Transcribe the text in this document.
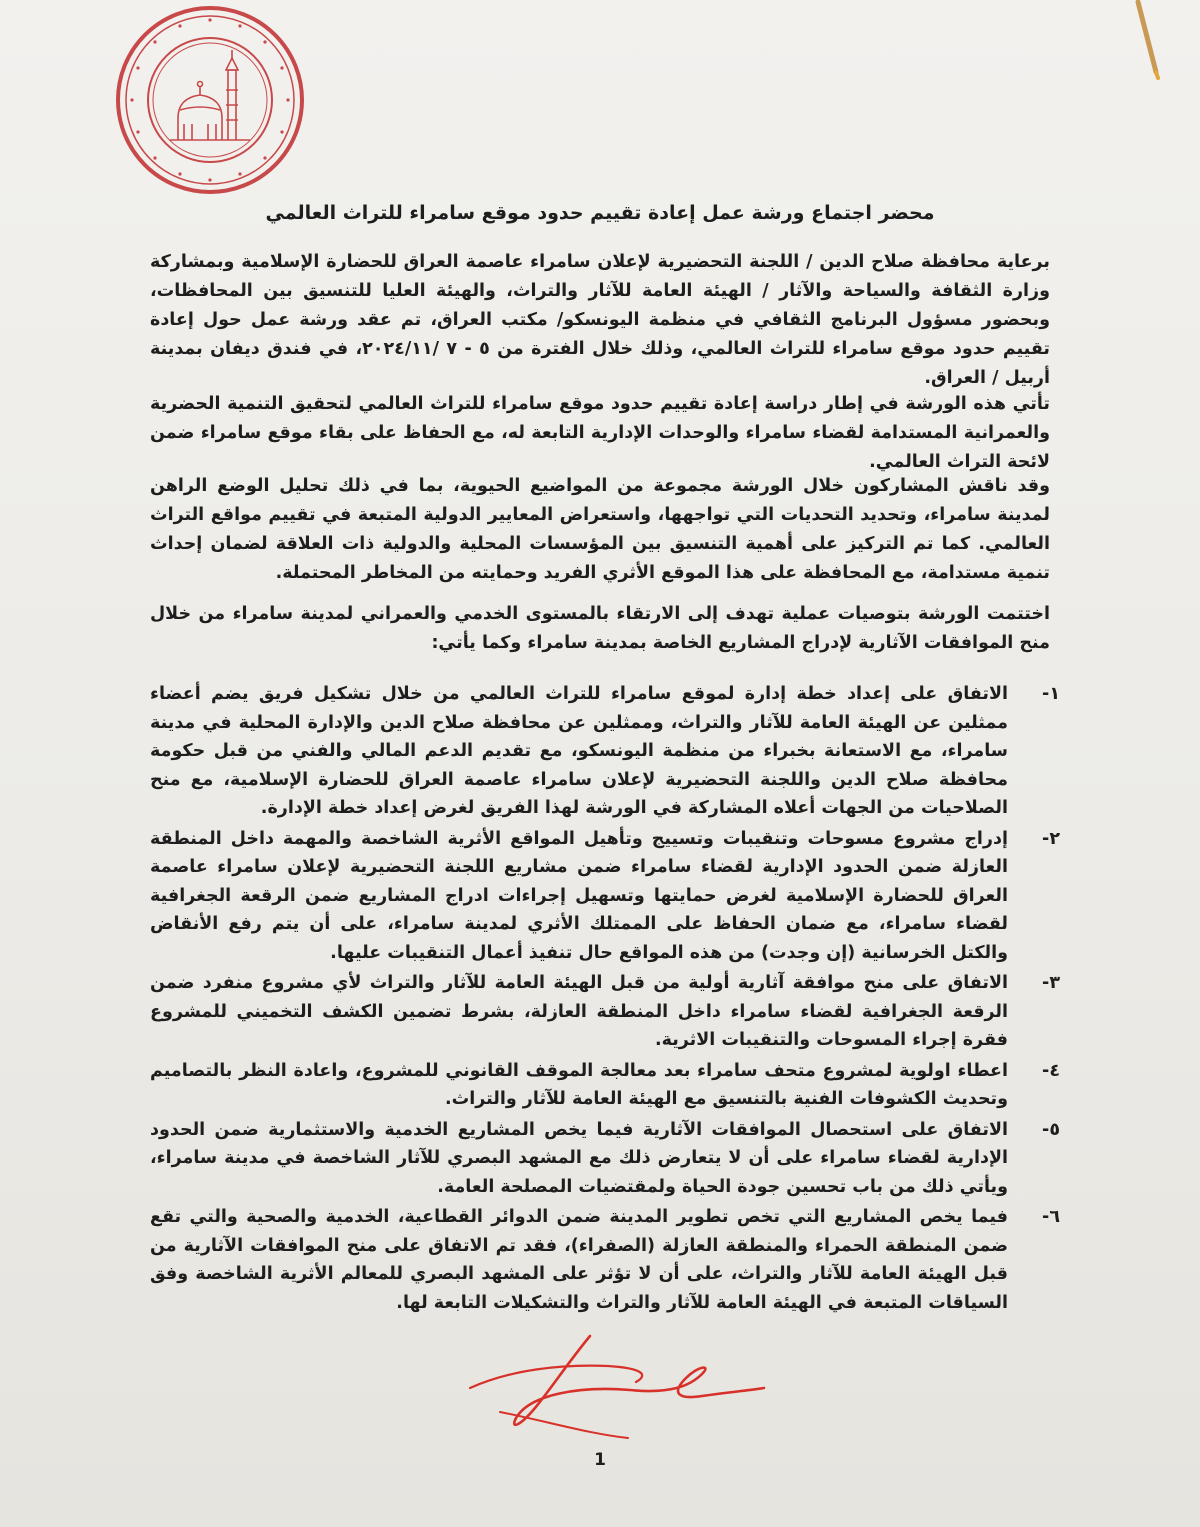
محضر اجتماع ورشة عمل إعادة تقييم حدود موقع سامراء للتراث العالمي
برعاية محافظة صلاح الدين / اللجنة التحضيرية لإعلان سامراء عاصمة العراق للحضارة الإسلامية وبمشاركة وزارة الثقافة والسياحة والآثار / الهيئة العامة للآثار والتراث، والهيئة العليا للتنسيق بين المحافظات، وبحضور مسؤول البرنامج الثقافي في منظمة اليونسكو/ مكتب العراق، تم عقد ورشة عمل حول إعادة تقييم حدود موقع سامراء للتراث العالمي، وذلك خلال الفترة من ٥ - ٧ /٢٠٢٤/١١، في فندق ديفان بمدينة أربيل / العراق.
تأتي هذه الورشة في إطار دراسة إعادة تقييم حدود موقع سامراء للتراث العالمي لتحقيق التنمية الحضرية والعمرانية المستدامة لقضاء سامراء والوحدات الإدارية التابعة له، مع الحفاظ على بقاء موقع سامراء ضمن لائحة التراث العالمي.
وقد ناقش المشاركون خلال الورشة مجموعة من المواضيع الحيوية، بما في ذلك تحليل الوضع الراهن لمدينة سامراء، وتحديد التحديات التي تواجهها، واستعراض المعايير الدولية المتبعة في تقييم مواقع التراث العالمي. كما تم التركيز على أهمية التنسيق بين المؤسسات المحلية والدولية ذات العلاقة لضمان إحداث تنمية مستدامة، مع المحافظة على هذا الموقع الأثري الفريد وحمايته من المخاطر المحتملة.
اختتمت الورشة بتوصيات عملية تهدف إلى الارتقاء بالمستوى الخدمي والعمراني لمدينة سامراء من خلال منح الموافقات الآثارية لإدراج المشاريع الخاصة بمدينة سامراء وكما يأتي:
١-
الاتفاق على إعداد خطة إدارة لموقع سامراء للتراث العالمي من خلال تشكيل فريق يضم أعضاء ممثلين عن الهيئة العامة للآثار والتراث، وممثلين عن محافظة صلاح الدين والإدارة المحلية في مدينة سامراء، مع الاستعانة بخبراء من منظمة اليونسكو، مع تقديم الدعم المالي والفني من قبل حكومة محافظة صلاح الدين واللجنة التحضيرية لإعلان سامراء عاصمة العراق للحضارة الإسلامية، مع منح الصلاحيات من الجهات أعلاه المشاركة في الورشة لهذا الفريق لغرض إعداد خطة الإدارة.
٢-
إدراج مشروع مسوحات وتنقيبات وتسييج وتأهيل المواقع الأثرية الشاخصة والمهمة داخل المنطقة العازلة ضمن الحدود الإدارية لقضاء سامراء ضمن مشاريع اللجنة التحضيرية لإعلان سامراء عاصمة العراق للحضارة الإسلامية لغرض حمايتها وتسهيل إجراءات ادراج المشاريع ضمن الرقعة الجغرافية لقضاء سامراء، مع ضمان الحفاظ على الممتلك الأثري لمدينة سامراء، على أن يتم رفع الأنقاض والكتل الخرسانية (إن وجدت) من هذه المواقع حال تنفيذ أعمال التنقيبات عليها.
٣-
الاتفاق على منح موافقة آثارية أولية من قبل الهيئة العامة للآثار والتراث لأي مشروع منفرد ضمن الرقعة الجغرافية لقضاء سامراء داخل المنطقة العازلة، بشرط تضمين الكشف التخميني للمشروع فقرة إجراء المسوحات والتنقيبات الاثرية.
٤-
اعطاء اولوية لمشروع متحف سامراء بعد معالجة الموقف القانوني للمشروع، واعادة النظر بالتصاميم وتحديث الكشوفات الفنية بالتنسيق مع الهيئة العامة للآثار والتراث.
٥-
الاتفاق على استحصال الموافقات الآثارية فيما يخص المشاريع الخدمية والاستثمارية ضمن الحدود الإدارية لقضاء سامراء على أن لا يتعارض ذلك مع المشهد البصري للآثار الشاخصة في مدينة سامراء، ويأتي ذلك من باب تحسين جودة الحياة ولمقتضيات المصلحة العامة.
٦-
فيما يخص المشاريع التي تخص تطوير المدينة ضمن الدوائر القطاعية، الخدمية والصحية والتي تقع ضمن المنطقة الحمراء والمنطقة العازلة (الصفراء)، فقد تم الاتفاق على منح الموافقات الآثارية من قبل الهيئة العامة للآثار والتراث، على أن لا تؤثر على المشهد البصري للمعالم الأثرية الشاخصة وفق السياقات المتبعة في الهيئة العامة للآثار والتراث والتشكيلات التابعة لها.
1
